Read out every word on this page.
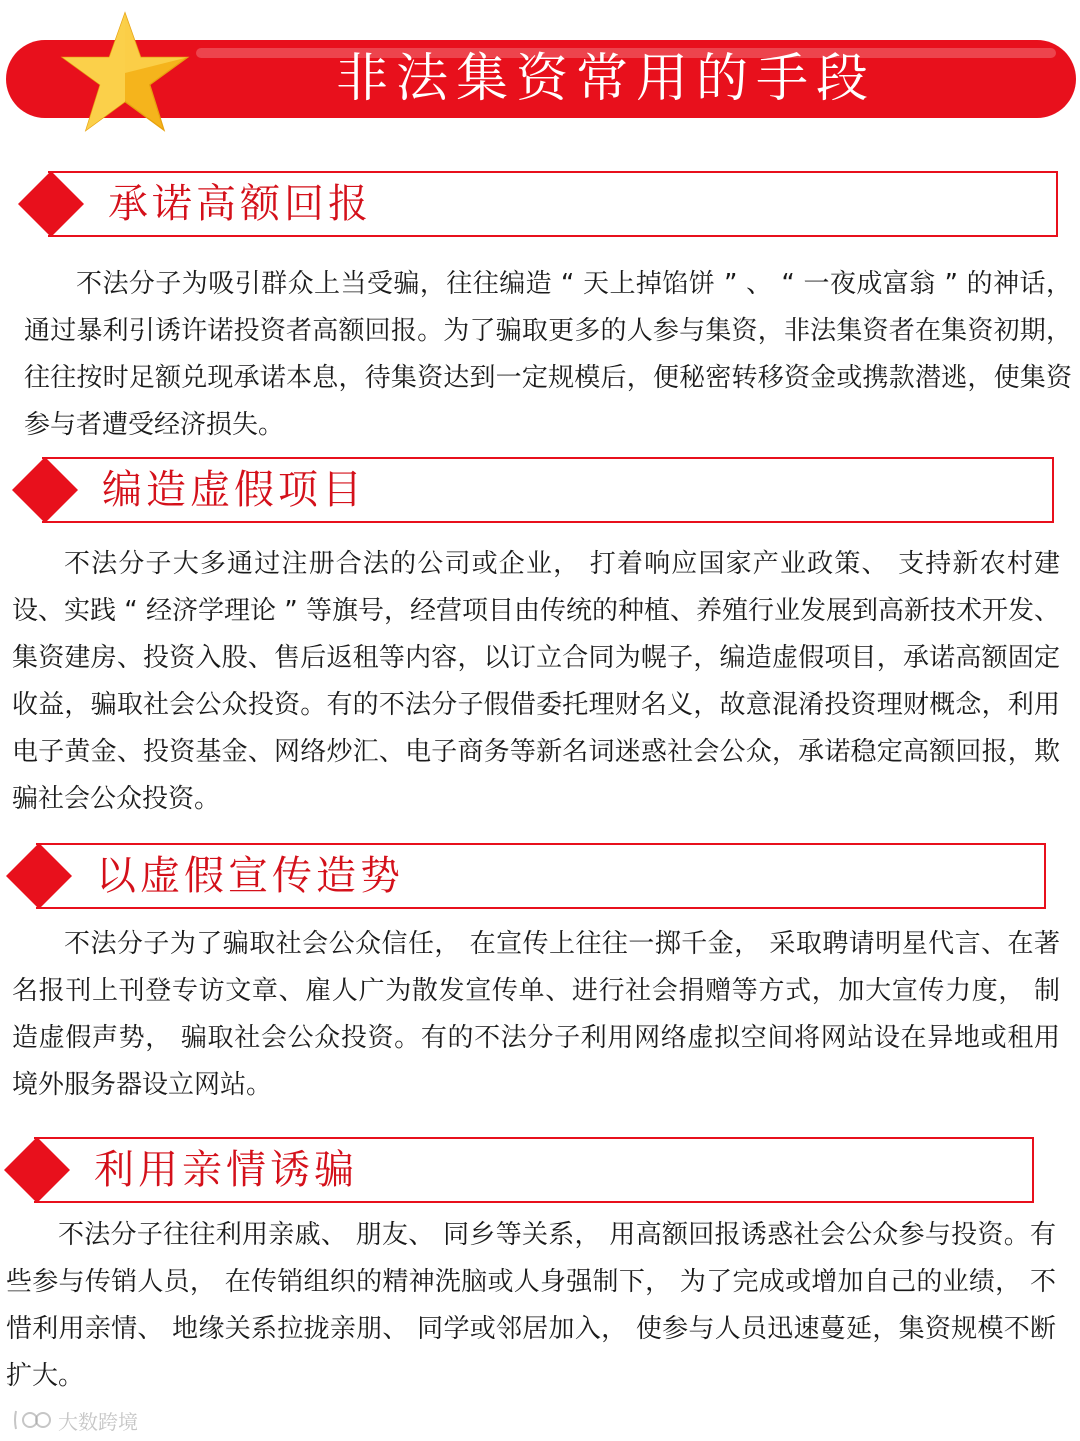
非法集资常用的手段
承诺高额回报

不法分子为吸引群众上当受骗，往往编造 “ 天上掉馅饼 ” 、 “ 一夜成富翁 ” 的神话，通过暴利引诱许诺投资者高额回报。为了骗取更多的人参与集资，非法集资者在集资初期，往往按时足额兑现承诺本息，待集资达到一定规模后，便秘密转移资金或携款潜逃，使集资参与者遭受经济损失。

编造虚假项目

不法分子大多通过注册合法的公司或企业， 打着响应国家产业政策、 支持新农村建设、实践 “ 经济学理论 ” 等旗号，经营项目由传统的种植、养殖行业发展到高新技术开发、集资建房、投资入股、售后返租等内容，以订立合同为幌子，编造虚假项目，承诺高额固定收益，骗取社会公众投资。有的不法分子假借委托理财名义，故意混淆投资理财概念，利用电子黄金、投资基金、网络炒汇、电子商务等新名词迷惑社会公众，承诺稳定高额回报，欺骗社会公众投资。

以虚假宣传造势

不法分子为了骗取社会公众信任， 在宣传上往往一掷千金， 采取聘请明星代言、在著名报刊上刊登专访文章、雇人广为散发宣传单、进行社会捐赠等方式，加大宣传力度， 制造虚假声势， 骗取社会公众投资。有的不法分子利用网络虚拟空间将网站设在异地或租用境外服务器设立网站。

利用亲情诱骗

不法分子往往利用亲戚、 朋友、 同乡等关系， 用高额回报诱惑社会公众参与投资。有些参与传销人员， 在传销组织的精神洗脑或人身强制下， 为了完成或增加自己的业绩， 不惜利用亲情、 地缘关系拉拢亲朋、 同学或邻居加入， 使参与人员迅速蔓延，集资规模不断扩大。

大数跨境
